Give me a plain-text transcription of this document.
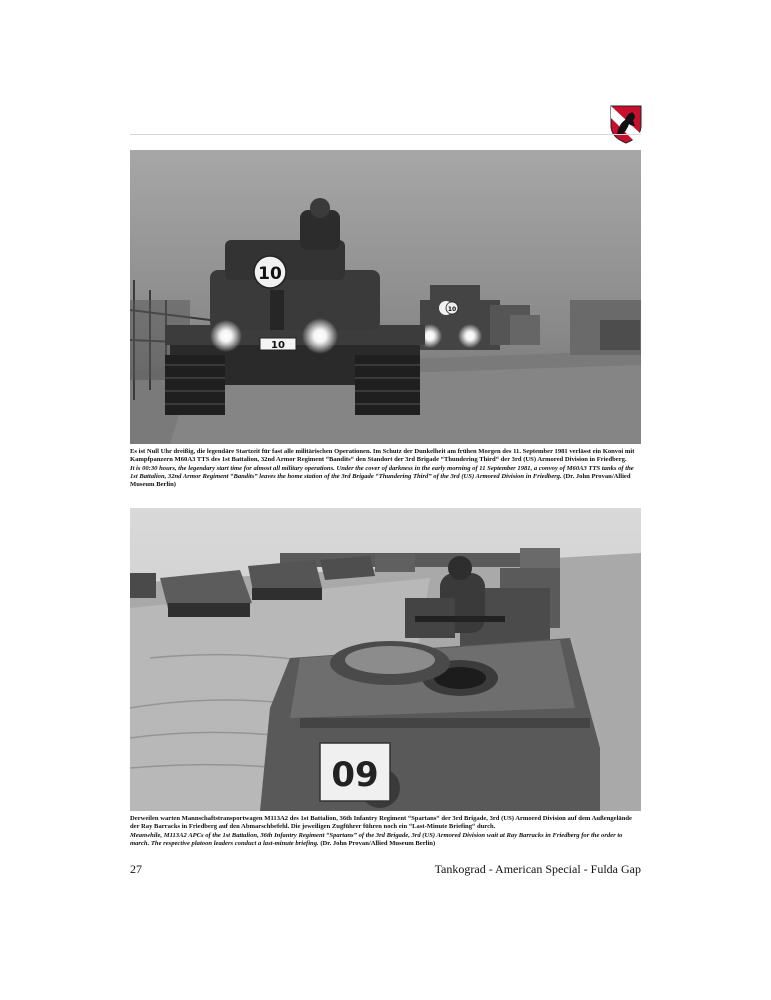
10
10
10

Es ist Null Uhr dreißig, die legendäre Startzeit für fast alle militärischen Operationen. Im Schutz der Dunkelheit am frühen Morgen des 11. September 1981 verlässt ein Konvoi mit Kampfpanzern M60A3 TTS des 1st Battalion, 32nd Armor Regiment “Bandits“ den Standort der 3rd Brigade “Thundering Third“ der 3rd (US) Armored Division in Friedberg.

It is 00:30 hours, the legendary start time for almost all military operations. Under the cover of darkness in the early morning of 11 September 1981, a convoy of M60A3 TTS tanks of the 1st Battalion, 32nd Armor Regiment “Bandits” leaves the home station of the 3rd Brigade “Thundering Third” of the 3rd (US) Armored Division in Friedberg. (Dr. John Provan/Allied Museum Berlin)

09

Derweilen warten Mannschaftstransportwagen M113A2 des 1st Battalion, 36th Infantry Regiment “Spartans“ der 3rd Brigade, 3rd (US) Armored Division auf dem Außengelände der Ray Barracks in Friedberg auf den Abmarschbefehl. Die jeweiligen Zugführer führen noch ein “Last-Minute Briefing“ durch.

Meanwhile, M113A2 APCs of the 1st Battalion, 36th Infantry Regiment “Spartans” of the 3rd Brigade, 3rd (US) Armored Division wait at Ray Barracks in Friedberg for the order to march. The respective platoon leaders conduct a last-minute briefing. (Dr. John Provan/Allied Museum Berlin)

27	Tankograd - American Special - Fulda Gap
